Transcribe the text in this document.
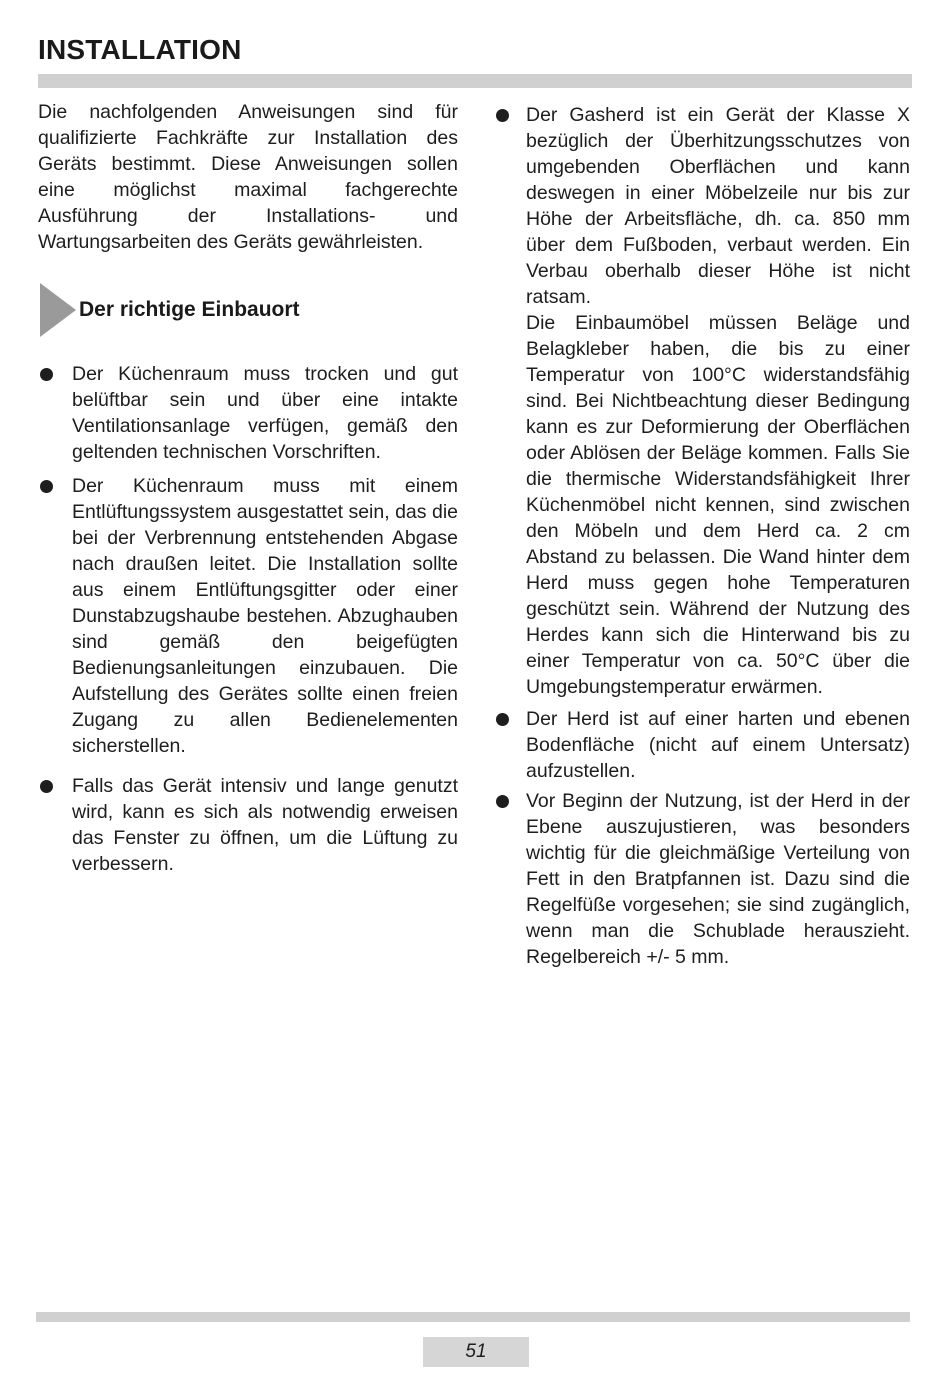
INSTALLATION

Die nachfolgenden Anweisungen sind für qualifizierte Fachkräfte zur Installation des Geräts bestimmt. Diese Anweisungen sollen eine möglichst maximal fachgerechte Ausführung der Installations- und Wartungsarbeiten des Geräts gewährleisten.

Der richtige Einbauort
Der Küchenraum muss trocken und gut belüftbar sein und über eine intakte Ventilationsanlage verfügen, gemäß den geltenden technischen Vorschriften.
Der Küchenraum muss mit einem Entlüftungssystem ausgestattet sein, das die bei der Verbrennung entstehenden Abgase nach draußen leitet. Die Installation sollte aus einem Entlüftungsgitter oder einer Dunstabzugshaube bestehen. Abzughauben sind gemäß den beigefügten Bedienungsanleitungen einzubauen. Die Aufstellung des Gerätes sollte einen freien Zugang zu allen Bedienelementen sicherstellen.
Falls das Gerät intensiv und lange genutzt wird, kann es sich als notwendig erweisen das Fenster zu öffnen, um die Lüftung zu verbessern.
Der Gasherd ist ein Gerät der Klasse X bezüglich der Überhitzungsschutzes von umgebenden Oberflächen und kann deswegen in einer Möbelzeile nur bis zur Höhe der Arbeitsfläche, dh. ca. 850 mm über dem Fußboden, verbaut werden. Ein Verbau oberhalb dieser Höhe ist nicht ratsam.
Die Einbaumöbel müssen Beläge und Belagkleber haben, die bis zu einer Temperatur von 100°C widerstandsfähig sind. Bei Nichtbeachtung dieser Bedingung kann es zur Deformierung der Oberflächen oder Ablösen der Beläge kommen. Falls Sie die thermische Widerstandsfähigkeit Ihrer Küchenmöbel nicht kennen, sind zwischen den Möbeln und dem Herd ca. 2 cm Abstand zu belassen. Die Wand hinter dem Herd muss gegen hohe Temperaturen geschützt sein. Während der Nutzung des Herdes kann sich die Hinterwand bis zu einer Temperatur von ca. 50°C über die Umgebungstemperatur erwärmen.
Der Herd ist auf einer harten und ebenen Bodenfläche (nicht auf einem Untersatz) aufzustellen.
Vor Beginn der Nutzung, ist der Herd in der Ebene auszujustieren, was besonders wichtig für die gleichmäßige Verteilung von Fett in den Bratpfannen ist. Dazu sind die Regelfüße vorgesehen; sie sind zugänglich, wenn man die Schublade herauszieht. Regelbereich +/- 5 mm.
51
